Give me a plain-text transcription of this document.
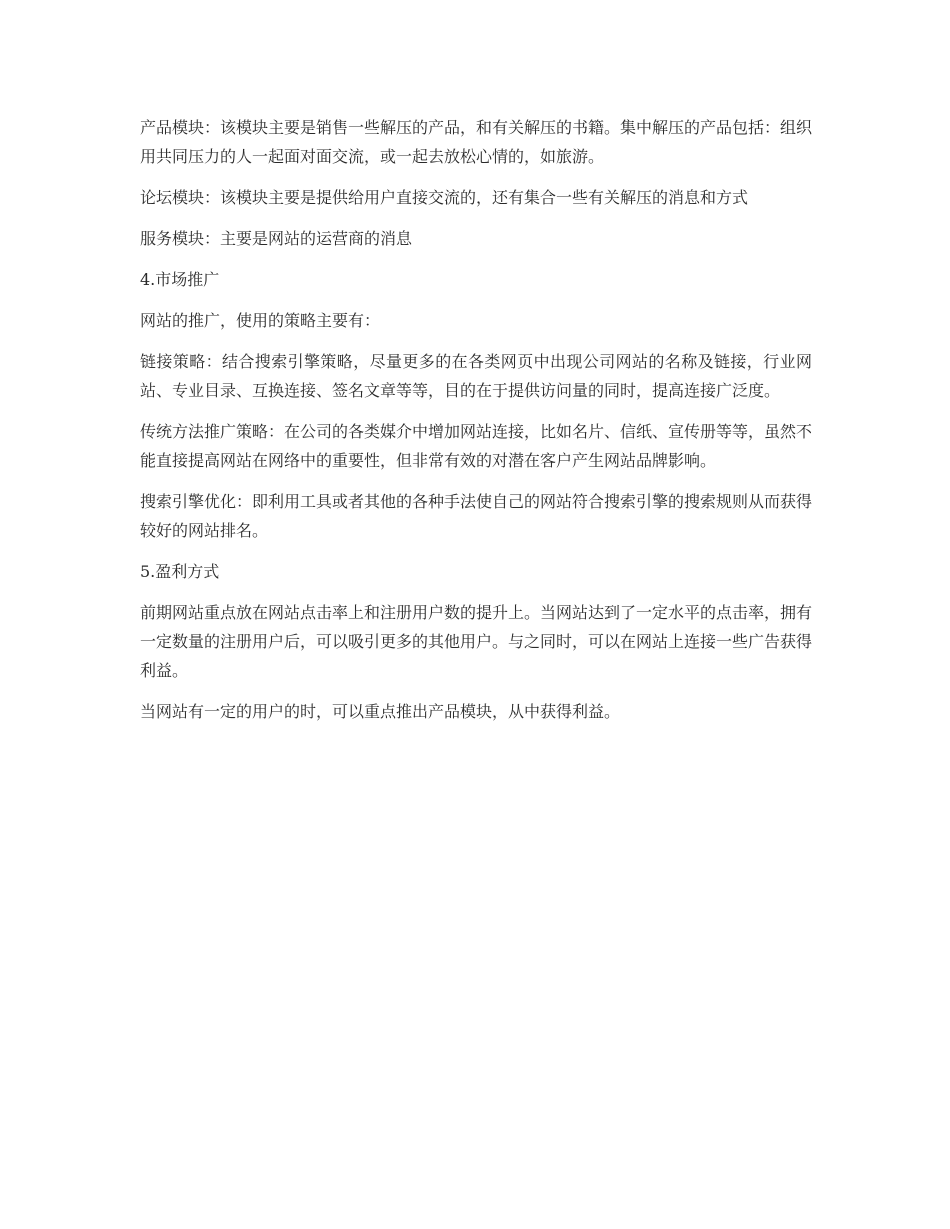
产品模块：该模块主要是销售一些解压的产品，和有关解压的书籍。集中解压的产品包括：组织用共同压力的人一起面对面交流，或一起去放松心情的，如旅游。

论坛模块：该模块主要是提供给用户直接交流的，还有集合一些有关解压的消息和方式

服务模块：主要是网站的运营商的消息

4.市场推广

网站的推广，使用的策略主要有：

链接策略：结合搜索引擎策略，尽量更多的在各类网页中出现公司网站的名称及链接，行业网站、专业目录、互换连接、签名文章等等，目的在于提供访问量的同时，提高连接广泛度。

传统方法推广策略：在公司的各类媒介中增加网站连接，比如名片、信纸、宣传册等等，虽然不能直接提高网站在网络中的重要性，但非常有效的对潜在客户产生网站品牌影响。

搜索引擎优化：即利用工具或者其他的各种手法使自己的网站符合搜索引擎的搜索规则从而获得较好的网站排名。

5.盈利方式

前期网站重点放在网站点击率上和注册用户数的提升上。当网站达到了一定水平的点击率，拥有一定数量的注册用户后，可以吸引更多的其他用户。与之同时，可以在网站上连接一些广告获得利益。

当网站有一定的用户的时，可以重点推出产品模块，从中获得利益。
